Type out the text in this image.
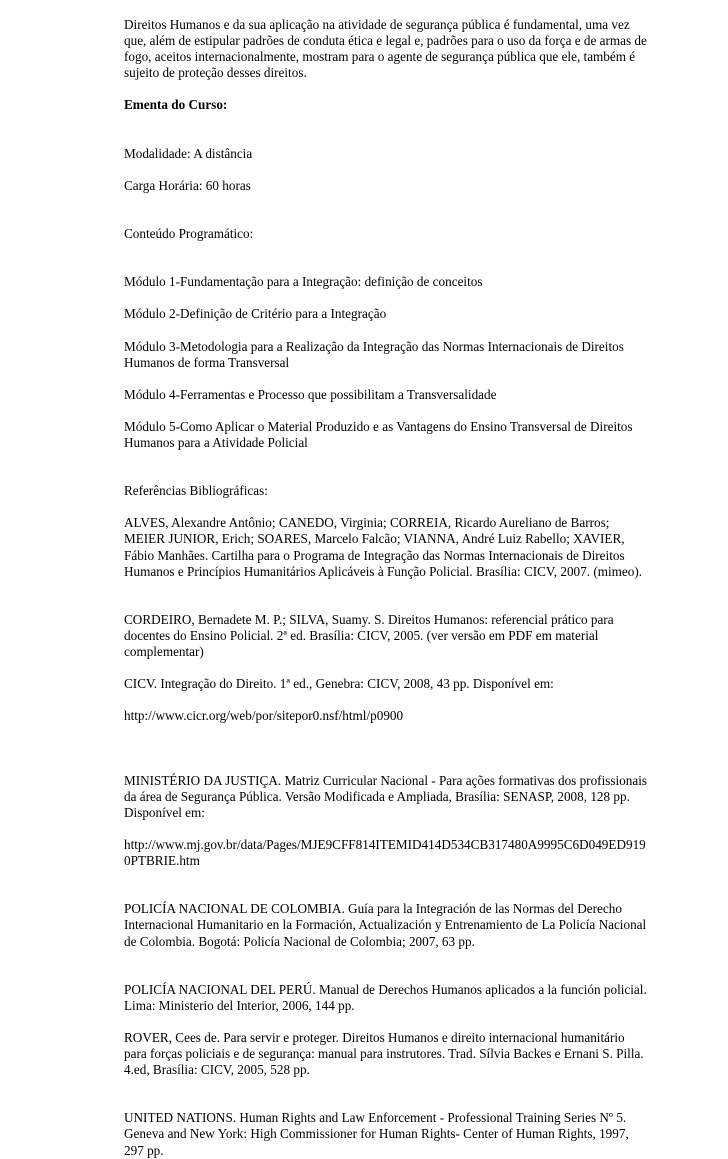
Direitos Humanos e da sua aplicação na atividade de segurança pública é fundamental, uma vez que, além de estipular padrões de conduta ética e legal e, padrões para o uso da força e de armas de fogo, aceitos internacionalmente, mostram para o agente de segurança pública que ele, também é sujeito de proteção desses direitos.

Ementa do Curso:

Modalidade: A distância

Carga Horária: 60 horas

Conteúdo Programático:

Módulo 1-Fundamentação para a Integração: definição de conceitos

Módulo 2-Definição de Critério para a Integração

Módulo 3-Metodologia para a Realização da Integração das Normas Internacionais de Direitos Humanos de forma Transversal

Módulo 4-Ferramentas e Processo que possibilitam a Transversalidade

Módulo 5-Como Aplicar o Material Produzido e as Vantagens do Ensino Transversal de Direitos Humanos para a Atividade Policial

Referências Bibliográficas:

ALVES, Alexandre Antônio; CANEDO, Virginia; CORREIA, Ricardo Aureliano de Barros; MEIER JUNIOR, Erich; SOARES, Marcelo Falcão; VIANNA, André Luiz Rabello; XAVIER, Fábio Manhães. Cartilha para o Programa de Integração das Normas Internacionais de Direitos Humanos e Princípios Humanitários Aplicáveis à Função Policial. Brasília: CICV, 2007. (mimeo).

CORDEIRO, Bernadete M. P.; SILVA, Suamy. S. Direitos Humanos: referencial prático para docentes do Ensino Policial. 2ª ed. Brasília: CICV, 2005. (ver versão em PDF em material complementar)

CICV. Integração do Direito. 1ª ed., Genebra: CICV, 2008, 43 pp. Disponível em:

http://www.cicr.org/web/por/sitepor0.nsf/html/p0900

MINISTÉRIO DA JUSTIÇA. Matriz Curricular Nacional - Para ações formativas dos profissionais da área de Segurança Pública. Versão Modificada e Ampliada, Brasília: SENASP, 2008, 128 pp. Disponível em:

http://www.mj.gov.br/data/Pages/MJE9CFF814ITEMID414D534CB317480A9995C6D049ED9190PTBRIE.htm

POLICÍA NACIONAL DE COLOMBIA. Guía para la Integración de las Normas del Derecho Internacional Humanitario en la Formación, Actualización y Entrenamiento de La Policía Nacional de Colombia. Bogotá: Policía Nacional de Colombia; 2007, 63 pp.

POLICÍA NACIONAL DEL PERÚ. Manual de Derechos Humanos aplicados a la función policial. Lima: Ministerio del Interior, 2006, 144 pp.

ROVER, Cees de. Para servir e proteger. Direitos Humanos e direito internacional humanitário para forças policiais e de segurança: manual para instrutores. Trad. Sílvia Backes e Ernani S. Pilla. 4.ed, Brasília: CICV, 2005, 528 pp.

UNITED NATIONS. Human Rights and Law Enforcement - Professional Training Series Nº 5. Geneva and New York: High Commissioner for Human Rights- Center of Human Rights, 1997, 297 pp.
